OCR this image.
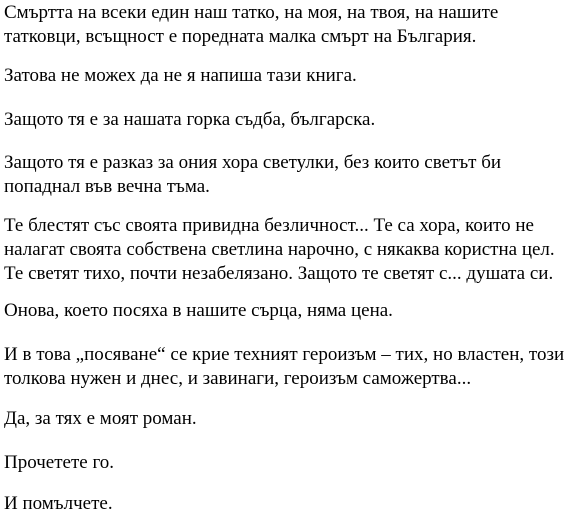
Смъртта на всеки един наш татко, на моя, на твоя, на нашите
татковци, всъщност е поредната малка смърт на България.

Затова не можех да не я напиша тази книга.

Защото тя е за нашата горка съдба, българска.

Защото тя е разказ за ония хора светулки, без които светът би
попаднал във вечна тъма.

Те блестят със своята привидна безличност... Те са хора, които не
налагат своята собствена светлина нарочно, с някаква користна цел.
Те светят тихо, почти незабелязано. Защото те светят с... душата си.

Онова, което посяха в нашите сърца, няма цена.

И в това „посяване“ се крие техният героизъм – тих, но властен, този
толкова нужен и днес, и завинаги, героизъм саможертва...

Да, за тях е моят роман.

Прочетете го.

И помълчете.
